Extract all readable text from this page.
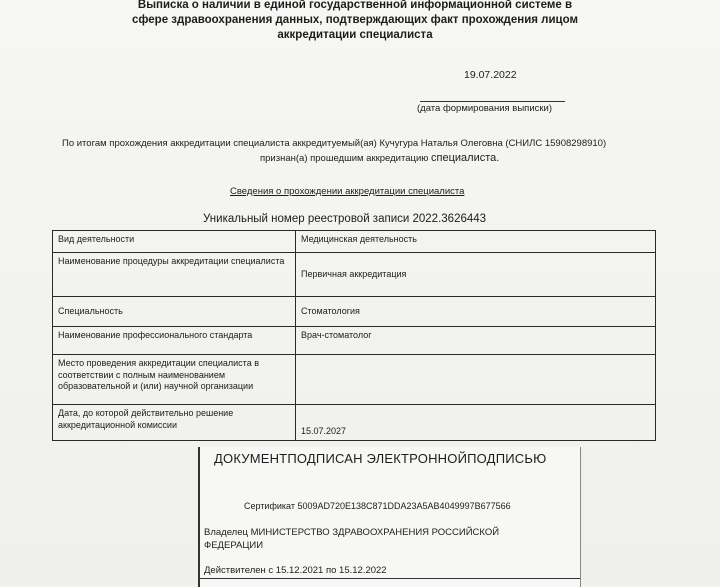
Выписка о наличии в единой государственной информационной системе в сфере здравоохранения данных, подтверждающих факт прохождения лицом аккредитации специалиста
19.07.2022
(дата формирования выписки)
По итогам прохождения аккредитации специалиста аккредитуемый(ая) Кучугура Наталья Олеговна (СНИЛС 15908298910)
признан(а) прошедшим аккредитацию специалиста.
Сведения о прохождении аккредитации специалиста
Уникальный номер реестровой записи 2022.3626443
Вид деятельности	Медицинская деятельность
Наименование процедуры аккредитации специалиста	Первичная аккредитация
Специальность	Стоматология
Наименование профессионального стандарта	Врач-стоматолог
Место проведения аккредитации специалиста в соответствии с полным наименованием образовательной и (или) научной организации	
Дата, до которой действительно решение аккредитационной комиссии	15.07.2027
ДОКУМЕНТПОДПИСАН ЭЛЕКТРОННОЙПОДПИСЬЮ
Сертификат 5009AD720E138C871DDA23A5AB4049997B677566
Владелец МИНИСТЕРСТВО ЗДРАВООХРАНЕНИЯ РОССИЙСКОЙ ФЕДЕРАЦИИ
Действителен с 15.12.2021 по 15.12.2022
